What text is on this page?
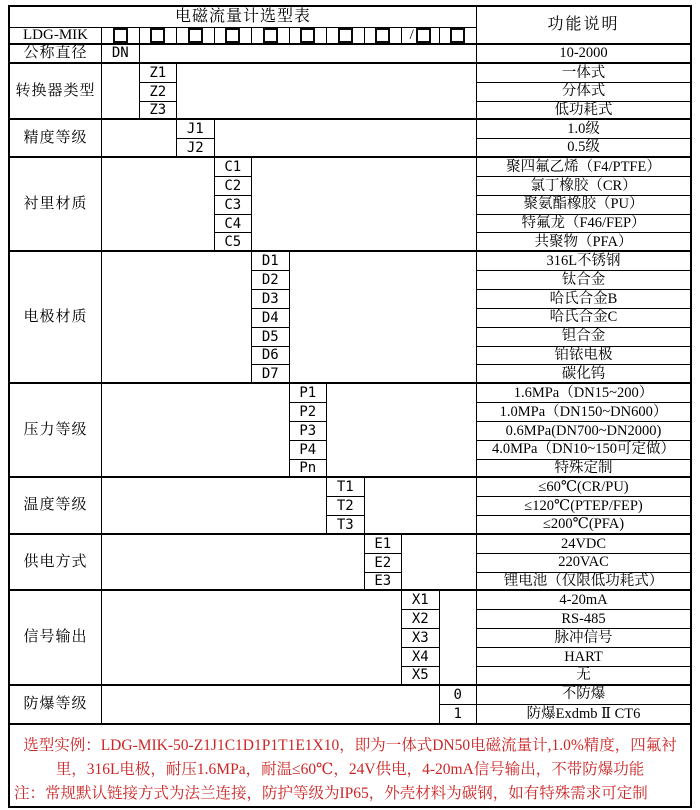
电磁流量计选型表	功能说明
LDG-MIK	/
公称直径	DN	10-2000
转换器类型
Z1	一体式
Z2	分体式
Z3	低功耗式
精度等级
J1	1.0级
J2	0.5级
衬里材质
C1	聚四氟乙烯（F4/PTFE）
C2	氯丁橡胶（CR）
C3	聚氨酯橡胶（PU）
C4	特氟龙（F46/FEP）
C5	共聚物（PFA）
电极材质
D1	316L不锈钢
D2	钛合金
D3	哈氏合金B
D4	哈氏合金C
D5	钽合金
D6	铂铱电极
D7	碳化钨
压力等级
P1	1.6MPa（DN15~200）
P2	1.0MPa（DN150~DN600）
P3	0.6MPa(DN700~DN2000)
P4	4.0MPa（DN10~150可定做）
Pn	特殊定制
温度等级
T1	≤60℃(CR/PU)
T2	≤120℃(PTEP/FEP)
T3	≤200℃(PFA)
供电方式
E1	24VDC
E2	220VAC
E3	锂电池（仅限低功耗式）
信号输出
X1	4-20mA
X2	RS-485
X3	脉冲信号
X4	HART
X5	无
防爆等级
0	不防爆
1	防爆Exdmb Ⅱ CT6

选型实例：LDG-MIK-50-Z1J1C1D1P1T1E1X10，即为一体式DN50电磁流量计,1.0%精度，四氟衬里，316L电极，耐压1.6MPa，耐温≤60℃，24V供电，4-20mA信号输出，不带防爆功能

注：常规默认链接方式为法兰连接，防护等级为IP65，外壳材料为碳钢，如有特殊需求可定制
